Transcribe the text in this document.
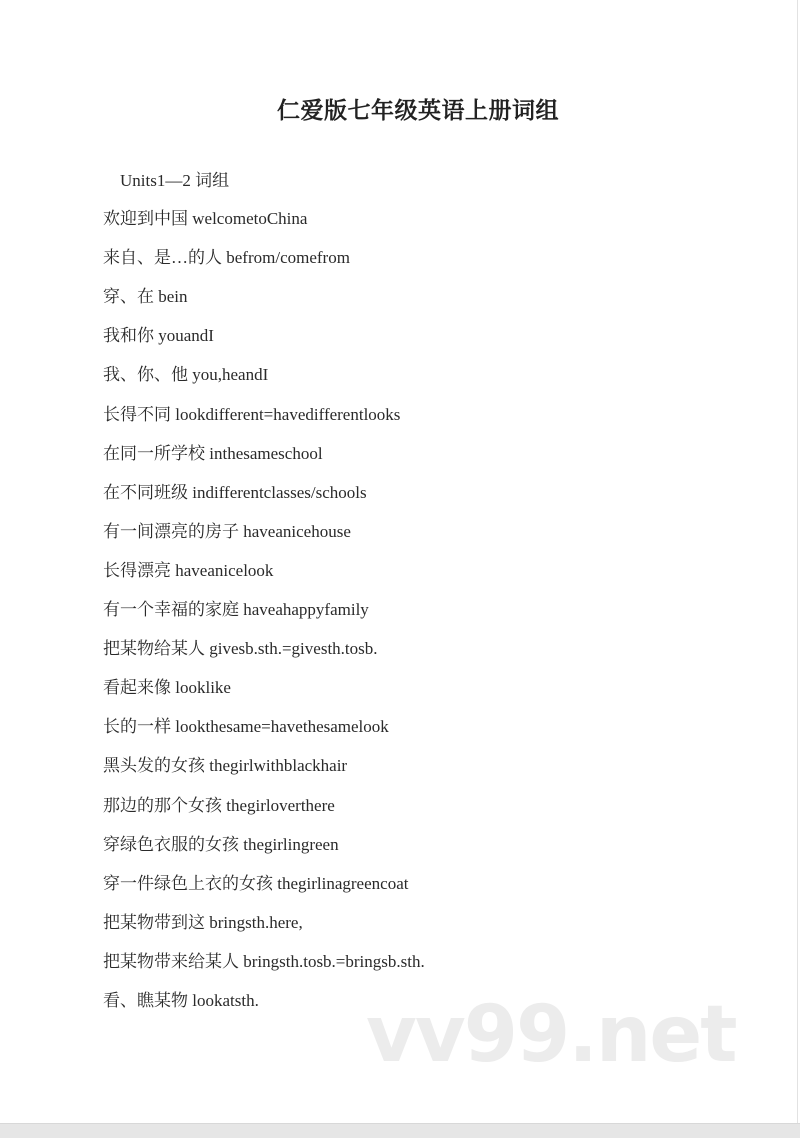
仁爱版七年级英语上册词组
Units1—2 词组
欢迎到中国 welcometoChina
来自、是…的人 befrom/comefrom
穿、在 bein
我和你 youandI
我、你、他 you,heandI
长得不同 lookdifferent=havedifferentlooks
在同一所学校 inthesameschool
在不同班级 indifferentclasses/schools
有一间漂亮的房子 haveanicehouse
长得漂亮 haveanicelook
有一个幸福的家庭 haveahappyfamily
把某物给某人 givesb.sth.=givesth.tosb.
看起来像 looklike
长的一样 lookthesame=havethesamelook
黑头发的女孩 thegirlwithblackhair
那边的那个女孩 thegirloverthere
穿绿色衣服的女孩 thegirlingreen
穿一件绿色上衣的女孩 thegirlinagreencoat
把某物带到这 bringsth.here,
把某物带来给某人 bringsth.tosb.=bringsb.sth.
看、瞧某物 lookatsth. vv99.net
